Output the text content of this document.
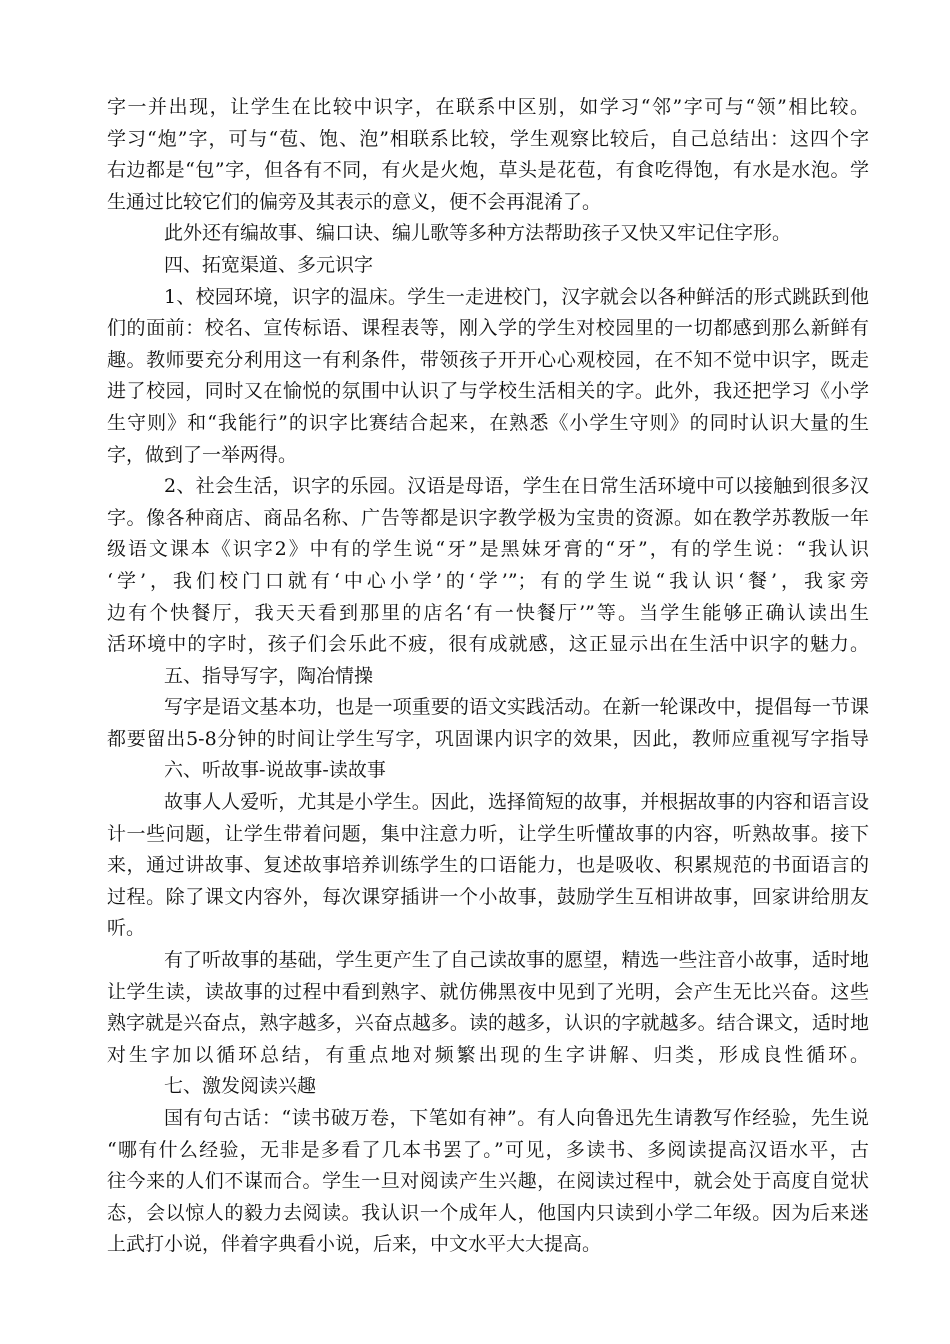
字一并出现，让学生在比较中识字，在联系中区别，如学习“邻”字可与“领”相比较。
学习“炮”字，可与“苞、饱、泡”相联系比较，学生观察比较后，自己总结出：这四个字
右边都是“包”字，但各有不同，有火是火炮，草头是花苞，有食吃得饱，有水是水泡。学
生通过比较它们的偏旁及其表示的意义，便不会再混淆了。
此外还有编故事、编口诀、编儿歌等多种方法帮助孩子又快又牢记住字形。
四、拓宽渠道、多元识字
1、校园环境，识字的温床。学生一走进校门，汉字就会以各种鲜活的形式跳跃到他
们的面前：校名、宣传标语、课程表等，刚入学的学生对校园里的一切都感到那么新鲜有
趣。教师要充分利用这一有利条件，带领孩子开开心心观校园，在不知不觉中识字，既走
进了校园，同时又在愉悦的氛围中认识了与学校生活相关的字。此外，我还把学习《小学
生守则》和“我能行”的识字比赛结合起来，在熟悉《小学生守则》的同时认识大量的生
字，做到了一举两得。
2、社会生活，识字的乐园。汉语是母语，学生在日常生活环境中可以接触到很多汉
字。像各种商店、商品名称、广告等都是识字教学极为宝贵的资源。如在教学苏教版一年
级语文课本《识字2》中有的学生说“牙”是黑妹牙膏的“牙”，有的学生说：“我认识
‘学’，我们校门口就有‘中心小学’的‘学’”；有的学生说“我认识‘餐’，我家旁
边有个快餐厅，我天天看到那里的店名‘有一快餐厅’”等。当学生能够正确认读出生
活环境中的字时，孩子们会乐此不疲，很有成就感，这正显示出在生活中识字的魅力。
五、指导写字，陶冶情操
写字是语文基本功，也是一项重要的语文实践活动。在新一轮课改中，提倡每一节课
都要留出5-8分钟的时间让学生写字，巩固课内识字的效果，因此，教师应重视写字指导
六、听故事-说故事-读故事
故事人人爱听，尤其是小学生。因此，选择简短的故事，并根据故事的内容和语言设
计一些问题，让学生带着问题，集中注意力听，让学生听懂故事的内容，听熟故事。接下
来，通过讲故事、复述故事培养训练学生的口语能力，也是吸收、积累规范的书面语言的
过程。除了课文内容外，每次课穿插讲一个小故事，鼓励学生互相讲故事，回家讲给朋友
听。
有了听故事的基础，学生更产生了自己读故事的愿望，精选一些注音小故事，适时地
让学生读，读故事的过程中看到熟字、就仿佛黑夜中见到了光明，会产生无比兴奋。这些
熟字就是兴奋点，熟字越多，兴奋点越多。读的越多，认识的字就越多。结合课文，适时地
对生字加以循环总结，有重点地对频繁出现的生字讲解、归类，形成良性循环。
七、激发阅读兴趣
国有句古话：“读书破万卷，下笔如有神”。有人向鲁迅先生请教写作经验，先生说
“哪有什么经验，无非是多看了几本书罢了。”可见，多读书、多阅读提高汉语水平，古
往今来的人们不谋而合。学生一旦对阅读产生兴趣，在阅读过程中，就会处于高度自觉状
态，会以惊人的毅力去阅读。我认识一个成年人，他国内只读到小学二年级。因为后来迷
上武打小说，伴着字典看小说，后来，中文水平大大提高。
